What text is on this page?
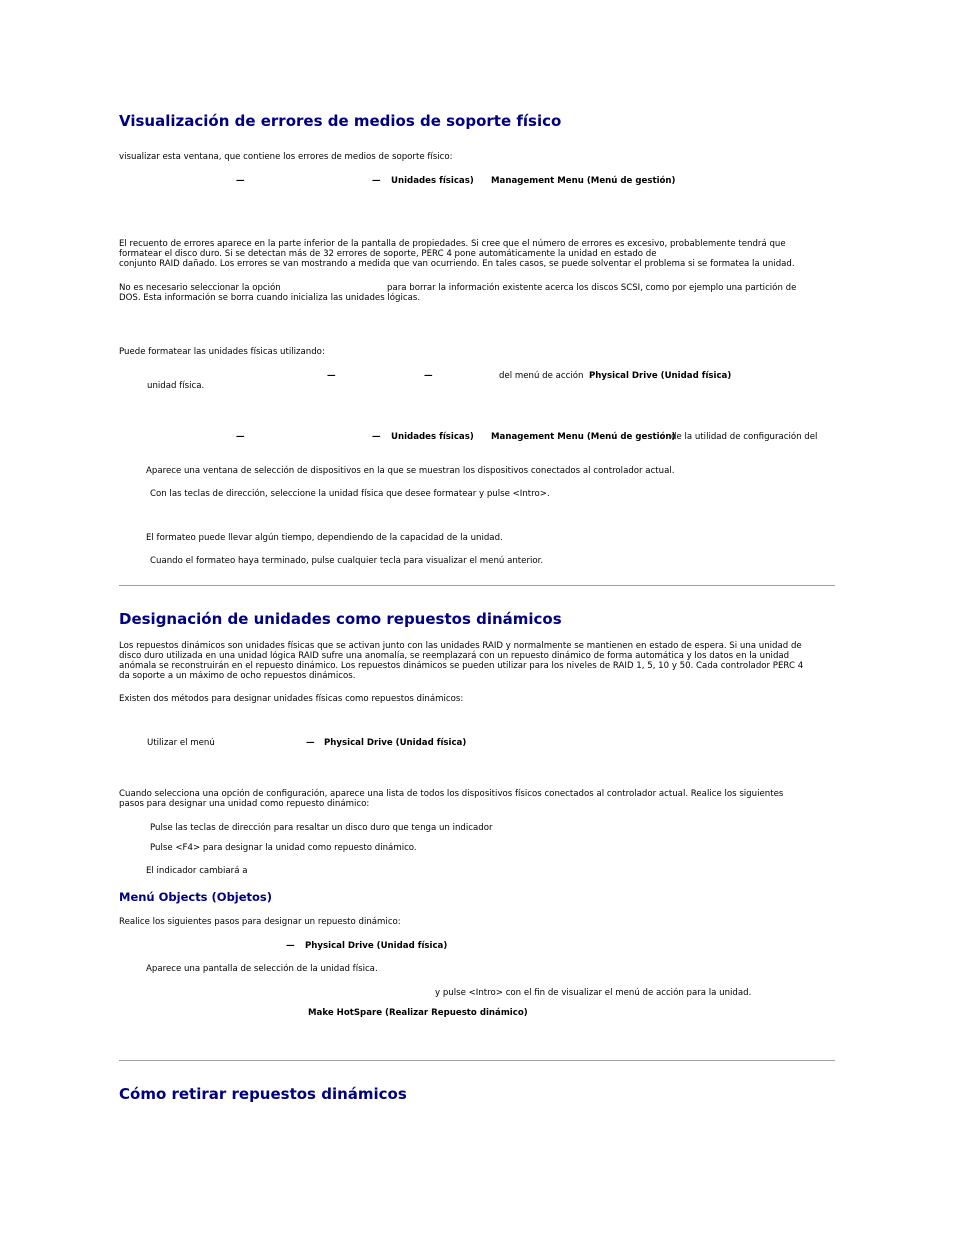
Visualización de errores de medios de soporte físico
visualizar esta ventana, que contiene los errores de medios de soporte físico:
—	— Unidades físicas) Management Menu (Menú de gestión)
El recuento de errores aparece en la parte inferior de la pantalla de propiedades. Si cree que el número de errores es excesivo, probablemente tendrá que
formatear el disco duro. Si se detectan más de 32 errores de soporte, PERC 4 pone automáticamente la unidad en estado de
conjunto RAID dañado. Los errores se van mostrando a medida que van ocurriendo. En tales casos, se puede solventar el problema si se formatea la unidad.
No es necesario seleccionar la opción	para borrar la información existente acerca los discos SCSI, como por ejemplo una partición de
DOS. Esta información se borra cuando inicializa las unidades lógicas.
Puede formatear las unidades físicas utilizando:
—	—	del menú de acción Physical Drive (Unidad física)
unidad física.
—	— Unidades físicas) Management Menu (Menú de gestión)
de la utilidad de configuración del
Aparece una ventana de selección de dispositivos en la que se muestran los dispositivos conectados al controlador actual.
Con las teclas de dirección, seleccione la unidad física que desee formatear y pulse <Intro>.
El formateo puede llevar algún tiempo, dependiendo de la capacidad de la unidad.
Cuando el formateo haya terminado, pulse cualquier tecla para visualizar el menú anterior.
Designación de unidades como repuestos dinámicos
Los repuestos dinámicos son unidades físicas que se activan junto con las unidades RAID y normalmente se mantienen en estado de espera. Si una unidad de
disco duro utilizada en una unidad lógica RAID sufre una anomalía, se reemplazará con un repuesto dinámico de forma automática y los datos en la unidad
anómala se reconstruirán en el repuesto dinámico. Los repuestos dinámicos se pueden utilizar para los niveles de RAID 1, 5, 10 y 50. Cada controlador PERC 4
da soporte a un máximo de ocho repuestos dinámicos.
Existen dos métodos para designar unidades físicas como repuestos dinámicos:
Utilizar el menú	— Physical Drive (Unidad física)
Cuando selecciona una opción de configuración, aparece una lista de todos los dispositivos físicos conectados al controlador actual. Realice los siguientes
pasos para designar una unidad como repuesto dinámico:
Pulse las teclas de dirección para resaltar un disco duro que tenga un indicador
Pulse <F4> para designar la unidad como repuesto dinámico.
El indicador cambiará a
Menú Objects (Objetos)
Realice los siguientes pasos para designar un repuesto dinámico:
— Physical Drive (Unidad física)
Aparece una pantalla de selección de la unidad física.
y pulse <Intro> con el fin de visualizar el menú de acción para la unidad.
Make HotSpare (Realizar Repuesto dinámico)
Cómo retirar repuestos dinámicos
